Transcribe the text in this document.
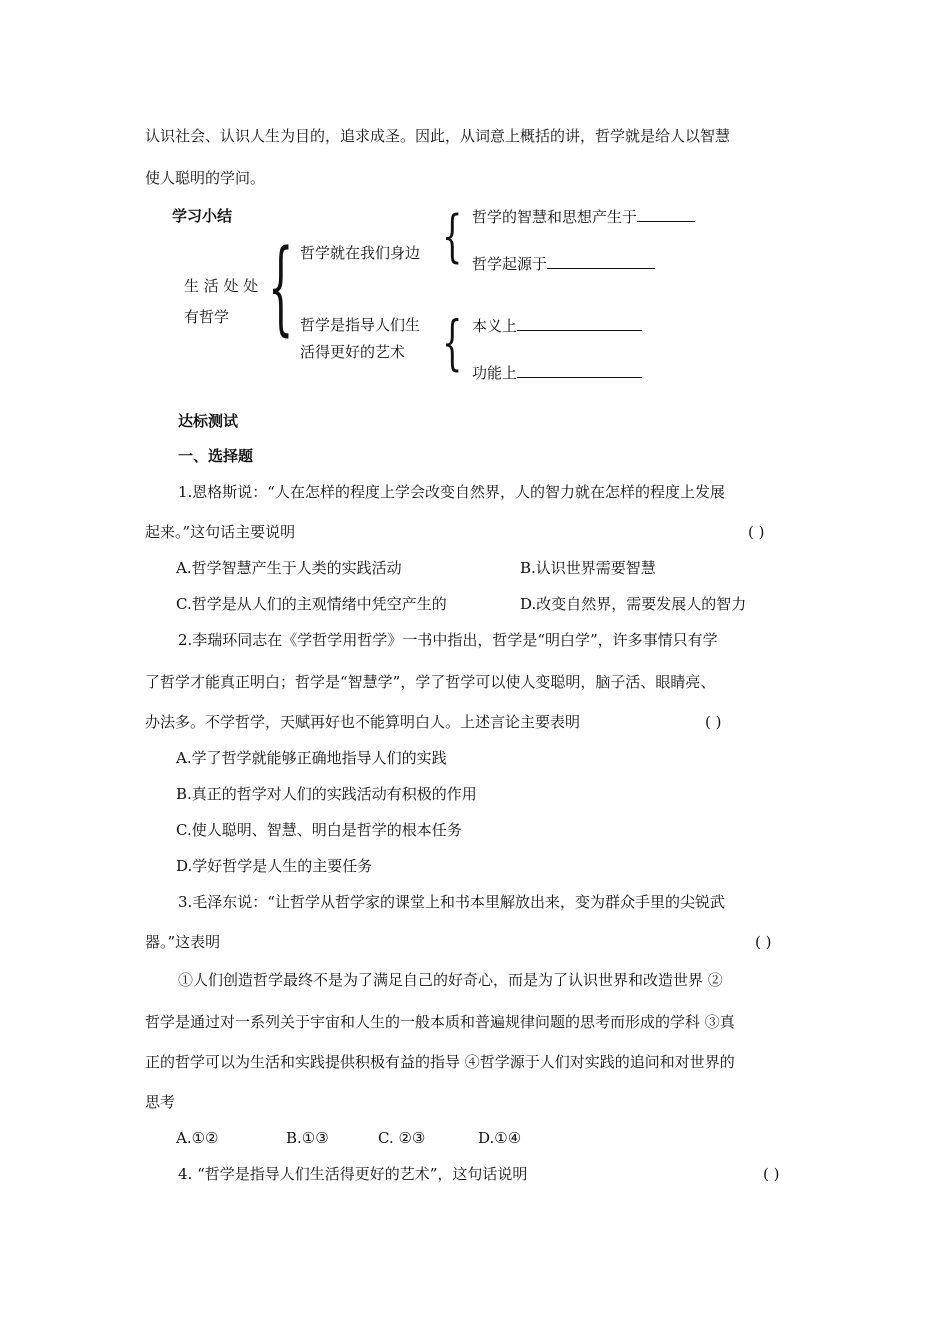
认识社会、认识人生为目的，追求成圣。因此，从词意上概括的讲，哲学就是给人以智慧
使人聪明的学问。
学习小结
生 活 处 处
有哲学 { 哲学就在我们身边
哲学是指导人们生
活得更好的艺术
{ 哲学的智慧和思想产生于
哲学起源于
{ 本义上
功能上
达标测试
一、选择题
1.恩格斯说：“人在怎样的程度上学会改变自然界，人的智力就在怎样的程度上发展
起来。”这句话主要说明	( )
A.哲学智慧产生于人类的实践活动	B.认识世界需要智慧
C.哲学是从人们的主观情绪中凭空产生的	D.改变自然界，需要发展人的智力
2.李瑞环同志在《学哲学用哲学》一书中指出，哲学是“明白学”，许多事情只有学
了哲学才能真正明白；哲学是“智慧学”，学了哲学可以使人变聪明，脑子活、眼睛亮、
办法多。不学哲学，天赋再好也不能算明白人。上述言论主要表明	( )
A.学了哲学就能够正确地指导人们的实践
B.真正的哲学对人们的实践活动有积极的作用
C.使人聪明、智慧、明白是哲学的根本任务
D.学好哲学是人生的主要任务
3.毛泽东说：“让哲学从哲学家的课堂上和书本里解放出来，变为群众手里的尖锐武
器。”这表明	( )
①人们创造哲学最终不是为了满足自己的好奇心，而是为了认识世界和改造世界 ②
哲学是通过对一系列关于宇宙和人生的一般本质和普遍规律问题的思考而形成的学科 ③真
正的哲学可以为生活和实践提供积极有益的指导 ④哲学源于人们对实践的追问和对世界的
思考
A.①②	B.①③	C. ②③	D.①④
4. “哲学是指导人们生活得更好的艺术”，这句话说明	( )
